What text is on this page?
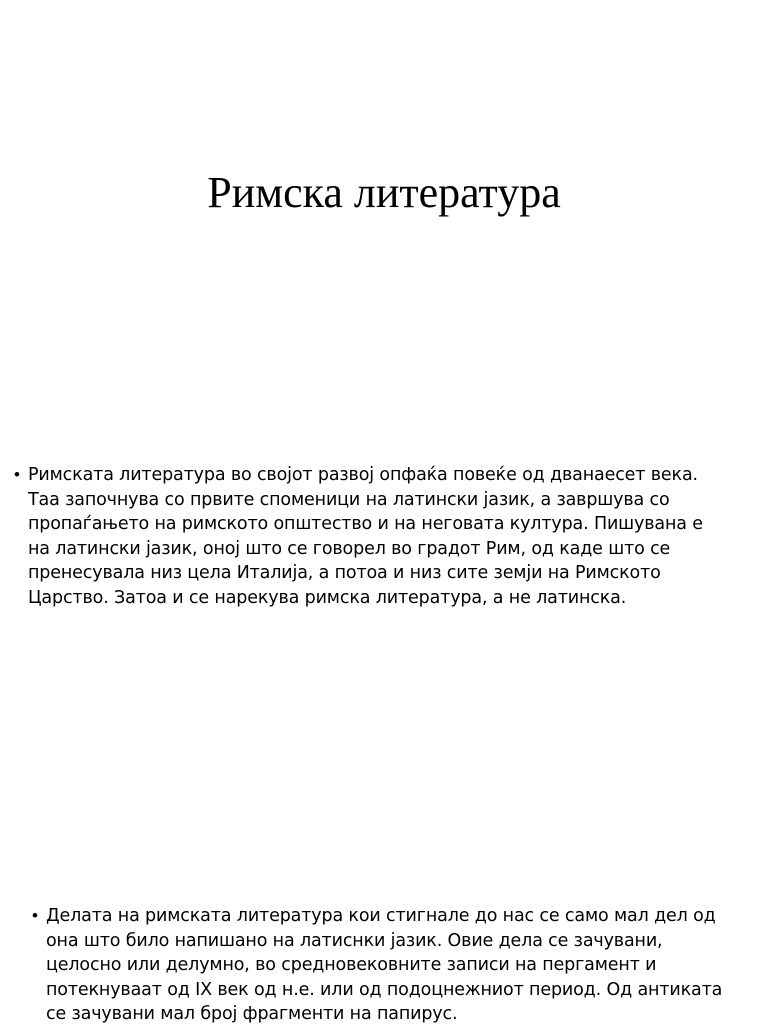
Римска литература
• Римската литература во својот развој опфаќа повеќе од дванаесет века. Таа започнува со првите споменици на латински јазик, а завршува со пропаѓањето на римското општество и на неговата култура. Пишувана е на латински јазик, оној што се говорел во градот Рим, од каде што се пренесувала низ цела Италија, а потоа и низ сите земји на Римското Царство. Затоа и се нарекува римска литература, а не латинска.
• Делата на римската литература кои стигнале до нас се само мал дел од она што било напишано на латиснки јазик. Овие дела се зачувани, целосно или делумно, во средновековните записи на пергамент и потекнуваат од IX век од н.е. или од подоцнежниот период. Од антиката се зачувани мал број фрагменти на папирус.
